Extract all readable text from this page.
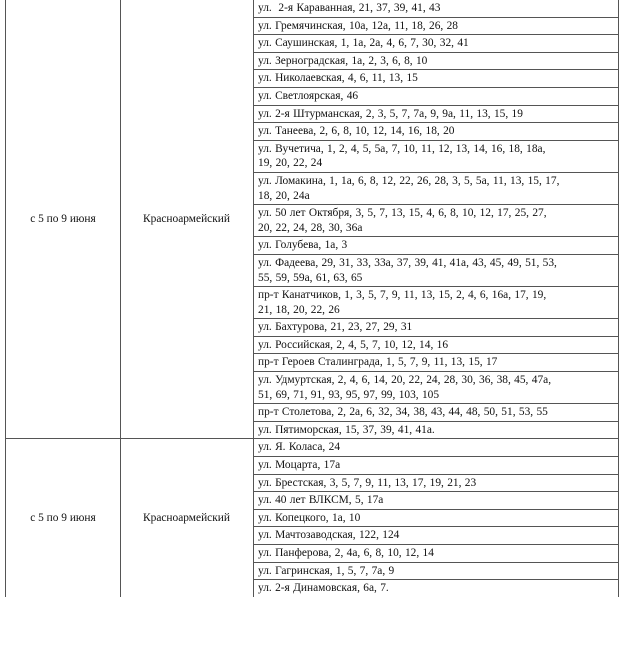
с 5 по 9 июня	Красноармейский
ул.  2-я Караванная, 21, 37, 39, 41, 43
ул. Гремячинская, 10а, 12а, 11, 18, 26, 28
ул. Саушинская, 1, 1а, 2а, 4, 6, 7, 30, 32, 41
ул. Зерноградская, 1а, 2, 3, 6, 8, 10
ул. Николаевская, 4, 6, 11, 13, 15
ул. Светлоярская, 46
ул. 2-я Штурманская, 2, 3, 5, 7, 7а, 9, 9а, 11, 13, 15, 19
ул. Танеева, 2, 6, 8, 10, 12, 14, 16, 18, 20
ул. Вучетича, 1, 2, 4, 5, 5а, 7, 10, 11, 12, 13, 14, 16, 18, 18а,
19, 20, 22, 24
ул. Ломакина, 1, 1а, 6, 8, 12, 22, 26, 28, 3, 5, 5а, 11, 13, 15, 17,
18, 20, 24а
ул. 50 лет Октября, 3, 5, 7, 13, 15, 4, 6, 8, 10, 12, 17, 25, 27,
20, 22, 24, 28, 30, 36а
ул. Голубева, 1а, 3
ул. Фадеева, 29, 31, 33, 33а, 37, 39, 41, 41а, 43, 45, 49, 51, 53,
55, 59, 59а, 61, 63, 65
пр-т Канатчиков, 1, 3, 5, 7, 9, 11, 13, 15, 2, 4, 6, 16а, 17, 19,
21, 18, 20, 22, 26
ул. Бахтурова, 21, 23, 27, 29, 31
ул. Российская, 2, 4, 5, 7, 10, 12, 14, 16
пр-т Героев Сталинграда, 1, 5, 7, 9, 11, 13, 15, 17
ул. Удмуртская, 2, 4, 6, 14, 20, 22, 24, 28, 30, 36, 38, 45, 47а,
51, 69, 71, 91, 93, 95, 97, 99, 103, 105
пр-т Столетова, 2, 2а, 6, 32, 34, 38, 43, 44, 48, 50, 51, 53, 55
ул. Пятиморская, 15, 37, 39, 41, 41а.
с 5 по 9 июня	Красноармейский
ул. Я. Коласа, 24
ул. Моцарта, 17а
ул. Брестская, 3, 5, 7, 9, 11, 13, 17, 19, 21, 23
ул. 40 лет ВЛКСМ, 5, 17а
ул. Копецкого, 1а, 10
ул. Мачтозаводская, 122, 124
ул. Панферова, 2, 4а, 6, 8, 10, 12, 14
ул. Гагринская, 1, 5, 7, 7а, 9
ул. 2-я Динамовская, 6а, 7.
